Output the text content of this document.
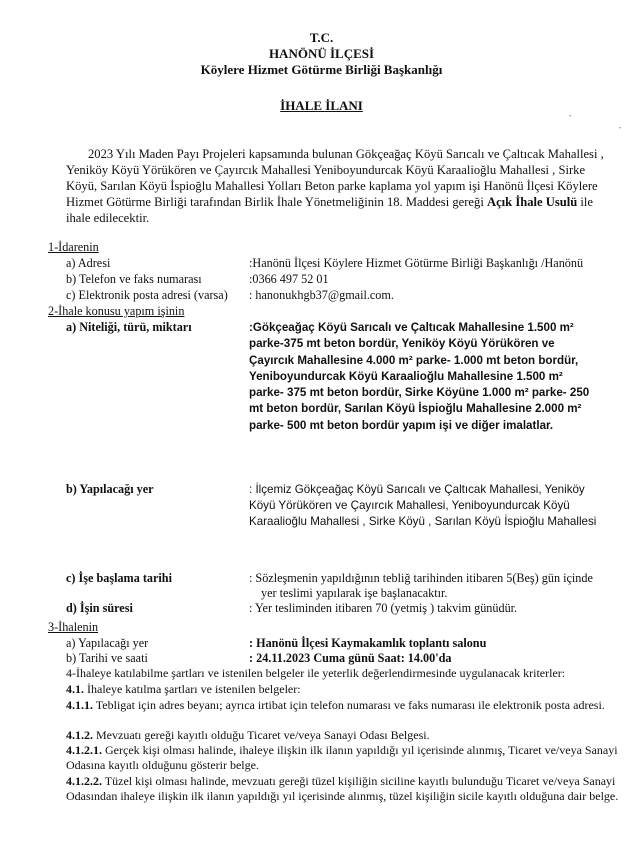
T.C.
HANÖNÜ İLÇESİ
Köylere Hizmet Götürme Birliği Başkanlığı
İHALE İLANI
·
·
2023 Yılı Maden Payı Projeleri kapsamında bulunan Gökçeağaç Köyü Sarıcalı ve Çaltıcak Mahallesi , Yeniköy Köyü Yörükören ve Çayırcık Mahallesi Yeniboyundurcak Köyü Karaalioğlu Mahallesi , Sirke Köyü, Sarılan Köyü İspioğlu Mahallesi Yolları Beton parke kaplama yol yapım işi Hanönü İlçesi Köylere Hizmet Götürme Birliği tarafından Birlik İhale Yönetmeliğinin 18. Maddesi gereği Açık İhale Usulü ile ihale edilecektir.
1-İdarenin
a) Adresi	:Hanönü İlçesi Köylere Hizmet Götürme Birliği Başkanlığı /Hanönü
b) Telefon ve faks numarası	:0366 497 52 01
c) Elektronik posta adresi (varsa) : hanonukhgb37@gmail.com.
2-İhale konusu yapım işinin
a) Niteliği, türü, miktarı	:Gökçeağaç Köyü Sarıcalı ve Çaltıcak Mahallesine 1.500 m²
parke-375 mt beton bordür, Yeniköy Köyü Yörükören ve
Çayırcık Mahallesine 4.000 m² parke- 1.000 mt beton bordür,
Yeniboyundurcak Köyü Karaalioğlu Mahallesine 1.500 m²
parke- 375 mt beton bordür, Sirke Köyüne 1.000 m² parke- 250
mt beton bordür, Sarılan Köyü İspioğlu Mahallesine 2.000 m²
parke- 500 mt beton bordür yapım işi ve diğer imalatlar.
b) Yapılacağı yer	: İlçemiz Gökçeağaç Köyü Sarıcalı ve Çaltıcak Mahallesi, Yeniköy
Köyü Yörükören ve Çayırcık Mahallesi, Yeniboyundurcak Köyü
Karaalioğlu Mahallesi , Sirke Köyü , Sarılan Köyü İspioğlu Mahallesi
c) İşe başlama tarihi	: Sözleşmenin yapıldığının tebliğ tarihinden itibaren 5(Beş) gün içinde
yer teslimi yapılarak işe başlanacaktır.
d) İşin süresi	: Yer tesliminden itibaren 70 (yetmiş ) takvim günüdür.
3-İhalenin
a) Yapılacağı yer	: Hanönü İlçesi Kaymakamlık toplantı salonu
b) Tarihi ve saati	: 24.11.2023 Cuma günü Saat: 14.00'da
4-İhaleye katılabilme şartları ve istenilen belgeler ile yeterlik değerlendirmesinde uygulanacak kriterler:
4.1. İhaleye katılma şartları ve istenilen belgeler:
4.1.1. Tebligat için adres beyanı; ayrıca irtibat için telefon numarası ve faks numarası ile elektronik posta adresi.
4.1.2. Mevzuatı gereği kayıtlı olduğu Ticaret ve/veya Sanayi Odası Belgesi.
4.1.2.1. Gerçek kişi olması halinde, ihaleye ilişkin ilk ilanın yapıldığı yıl içerisinde alınmış, Ticaret ve/veya Sanayi Odasına kayıtlı olduğunu gösterir belge.
4.1.2.2. Tüzel kişi olması halinde, mevzuatı gereği tüzel kişiliğin siciline kayıtlı bulunduğu Ticaret ve/veya Sanayi Odasından ihaleye ilişkin ilk ilanın yapıldığı yıl içerisinde alınmış, tüzel kişiliğin sicile kayıtlı olduğuna dair belge.
